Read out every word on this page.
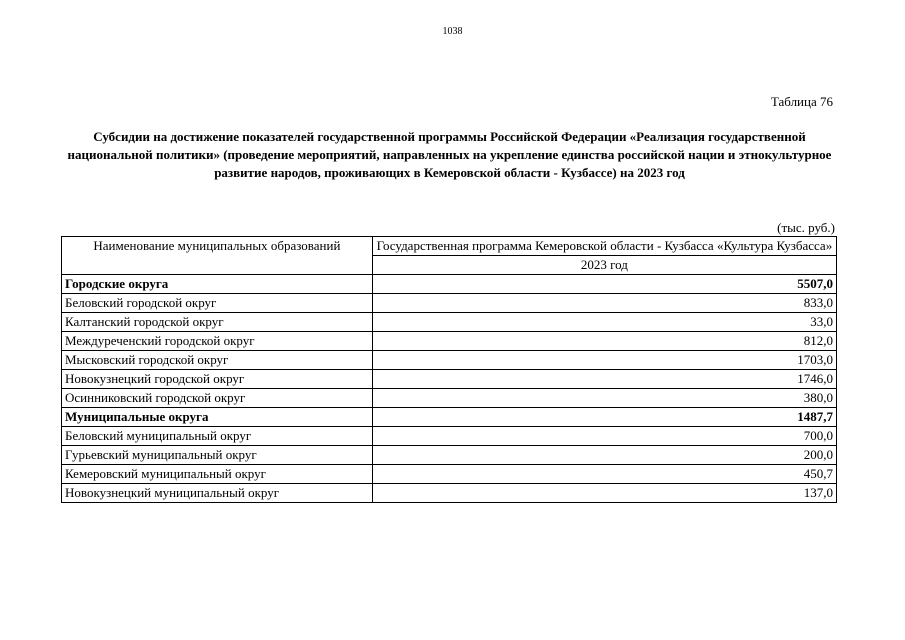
1038
Таблица 76
Субсидии на достижение показателей государственной программы Российской Федерации «Реализация государственной национальной политики» (проведение мероприятий, направленных на укрепление единства российской нации и этнокультурное развитие народов, проживающих в Кемеровской области - Кузбассе) на 2023 год
(тыс. руб.)
Наименование муниципальных образований	Государственная программа Кемеровской области - Кузбасса «Культура Кузбасса»
	2023 год
Городские округа	5507,0
Беловский городской округ	833,0
Калтанский городской округ	33,0
Междуреченский городской округ	812,0
Мысковский городской округ	1703,0
Новокузнецкий городской округ	1746,0
Осинниковский городской округ	380,0
Муниципальные округа	1487,7
Беловский муниципальный округ	700,0
Гурьевский муниципальный округ	200,0
Кемеровский муниципальный округ	450,7
Новокузнецкий муниципальный округ	137,0
